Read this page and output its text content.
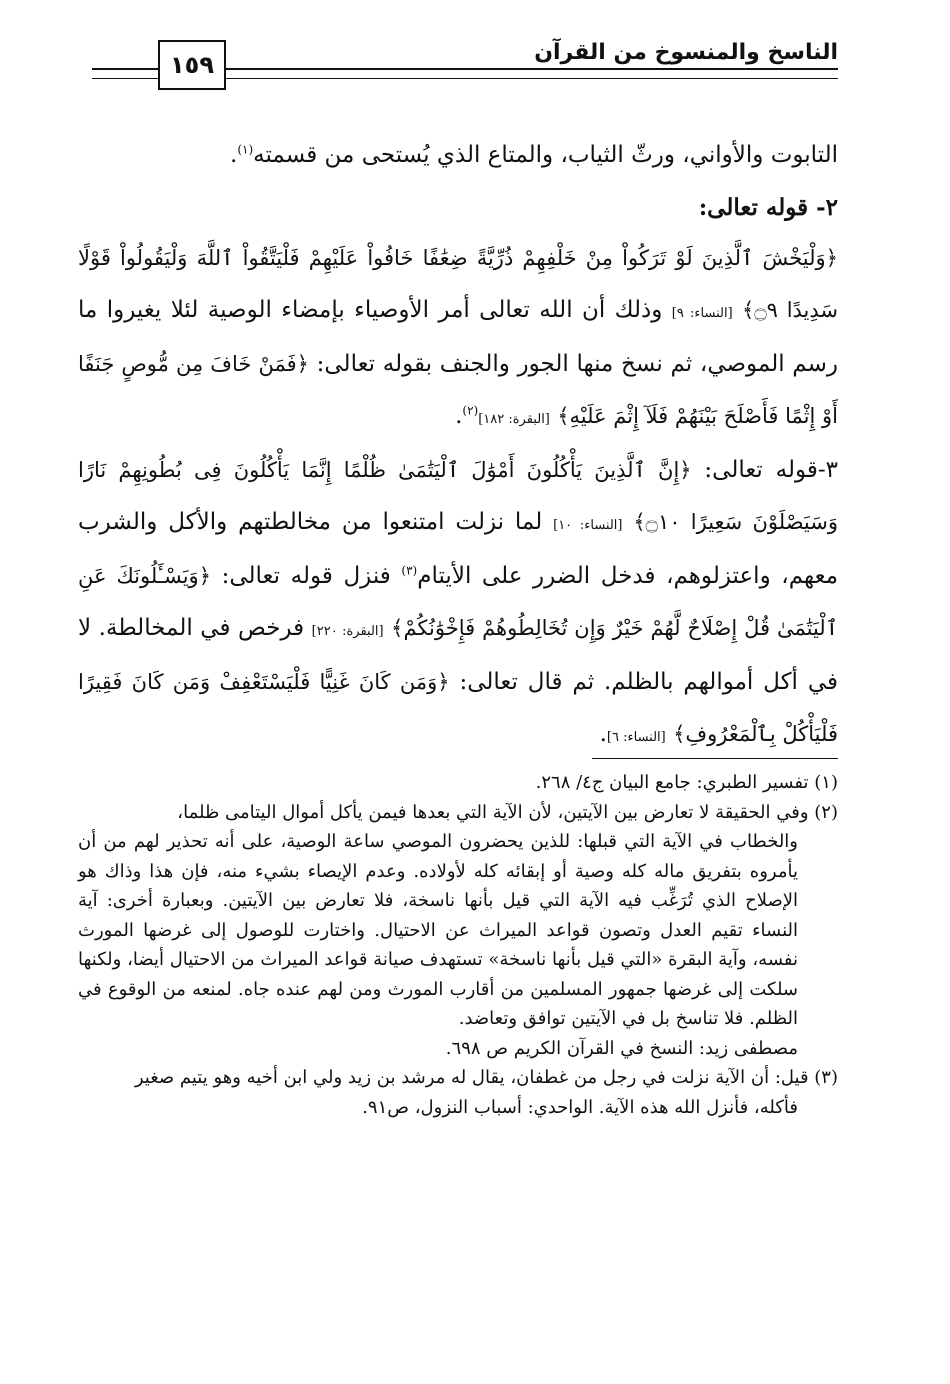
الناسخ والمنسوخ من القرآن
١٥٩

التابوت والأواني، ورثّ الثياب، والمتاع الذي يُستحى من قسمته$^{(١)}$.

٢- قوله تعالى:

﴿وَلْيَخْشَ ٱلَّذِينَ لَوْ تَرَكُواْ مِنْ خَلْفِهِمْ ذُرِّيَّةً ضِعَٰفًا خَافُواْ عَلَيْهِمْ فَلْيَتَّقُواْ ٱللَّهَ وَلْيَقُولُواْ قَوْلًا سَدِيدًا ۝٩﴾ [النساء: ٩] وذلك أن الله تعالى أمر الأوصياء بإمضاء الوصية لئلا يغيروا ما رسم الموصي، ثم نسخ منها الجور والجنف بقوله تعالى: ﴿فَمَنْ خَافَ مِن مُّوصٍ جَنَفًا أَوْ إِثْمًا فَأَصْلَحَ بَيْنَهُمْ فَلَآ إِثْمَ عَلَيْهِ﴾ [البقرة: ١٨٢]$^{(٢)}$.

٣-قوله تعالى: ﴿إِنَّ ٱلَّذِينَ يَأْكُلُونَ أَمْوَٰلَ ٱلْيَتَٰمَىٰ ظُلْمًا إِنَّمَا يَأْكُلُونَ فِى بُطُونِهِمْ نَارًا وَسَيَصْلَوْنَ سَعِيرًا ۝١٠﴾ [النساء: ١٠] لما نزلت امتنعوا من مخالطتهم والأكل والشرب معهم، واعتزلوهم، فدخل الضرر على الأيتام$^{(٣)}$ فنزل قوله تعالى: ﴿وَيَسْـَٔلُونَكَ عَنِ ٱلْيَتَٰمَىٰ قُلْ إِصْلَاحٌ لَّهُمْ خَيْرٌ وَإِن تُخَالِطُوهُمْ فَإِخْوَٰنُكُمْ﴾ [البقرة: ٢٢٠] فرخص في المخالطة. لا في أكل أموالهم بالظلم. ثم قال تعالى: ﴿وَمَن كَانَ غَنِيًّا فَلْيَسْتَعْفِفْ وَمَن كَانَ فَقِيرًا فَلْيَأْكُلْ بِٱلْمَعْرُوفِ﴾ [النساء: ٦].

(١) تفسير الطبري: جامع البيان ج٤/ ٢٦٨.

(٢) وفي الحقيقة لا تعارض بين الآيتين، لأن الآية التي بعدها فيمن يأكل أموال اليتامى ظلما،

والخطاب في الآية التي قبلها: للذين يحضرون الموصي ساعة الوصية، على أنه تحذير لهم من أن يأمروه بتفريق ماله كله وصية أو إبقائه كله لأولاده. وعدم الإيصاء بشيء منه، فإن هذا وذاك هو الإصلاح الذي تُرَغِّب فيه الآية التي قيل بأنها ناسخة، فلا تعارض بين الآيتين. وبعبارة أخرى: آية النساء تقيم العدل وتصون قواعد الميراث عن الاحتيال. واختارت للوصول إلى غرضها المورث نفسه، وآية البقرة «التي قيل بأنها ناسخة» تستهدف صيانة قواعد الميراث من الاحتيال أيضا، ولكنها سلكت إلى غرضها جمهور المسلمين من أقارب المورث ومن لهم عنده جاه. لمنعه من الوقوع في الظلم. فلا تناسخ بل في الآيتين توافق وتعاضد.

مصطفى زيد: النسخ في القرآن الكريم ص ٦٩٨.

(٣) قيل: أن الآية نزلت في رجل من غطفان، يقال له مرشد بن زيد ولي ابن أخيه وهو يتيم صغير

فأكله، فأنزل الله هذه الآية. الواحدي: أسباب النزول، ص٩١.
